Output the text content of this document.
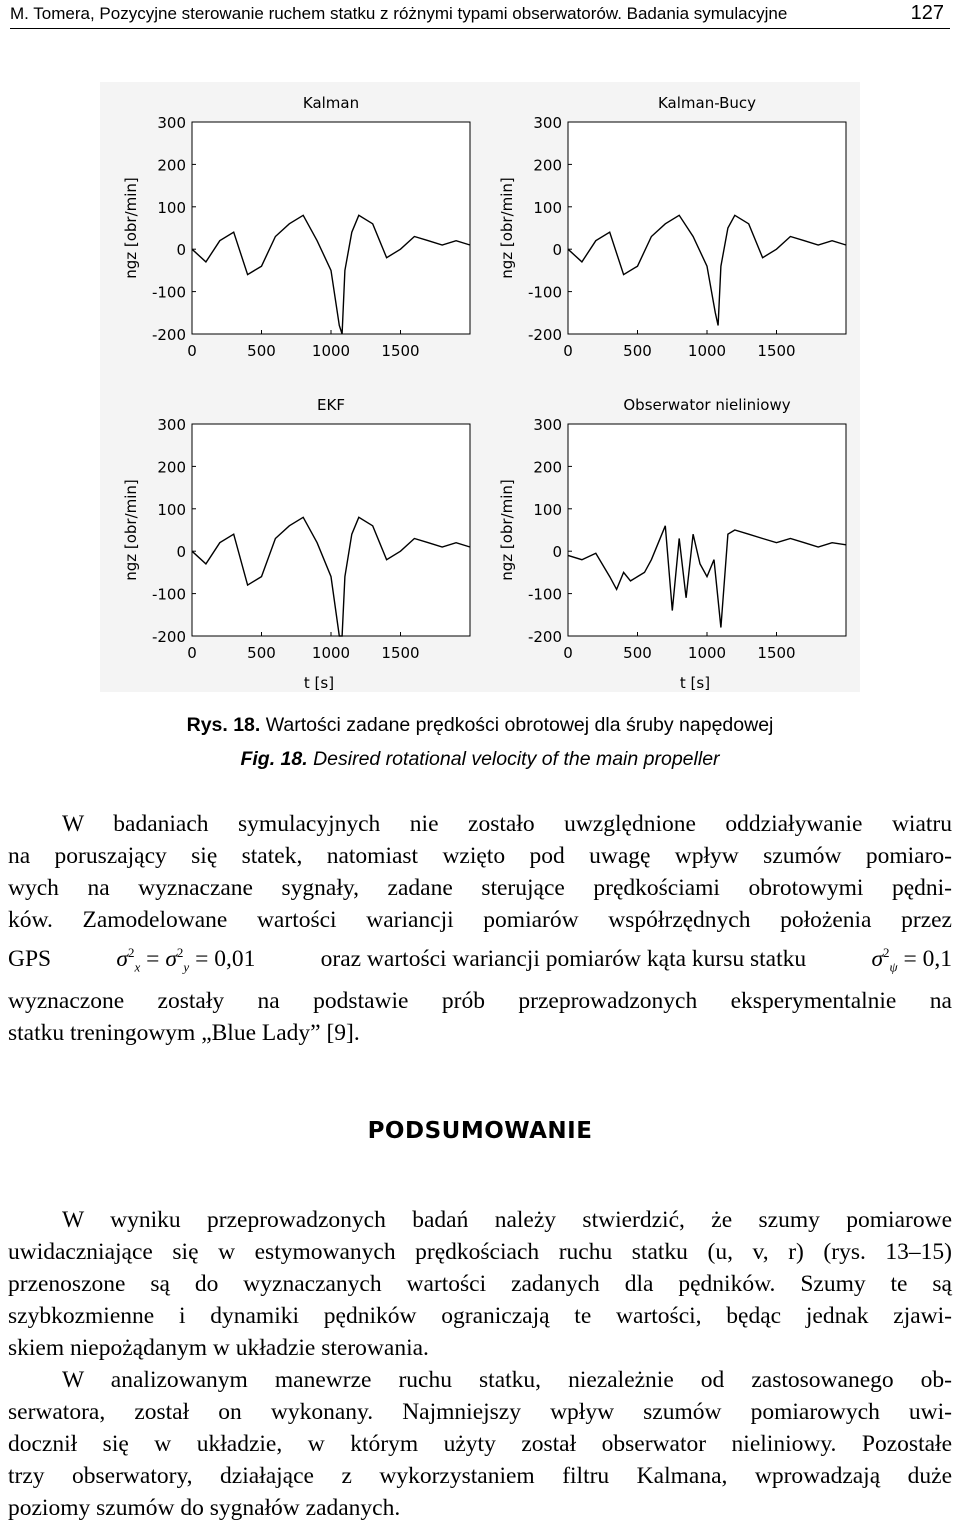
M. Tomera, Pozycyjne sterowanie ruchem statku z różnymi typami obserwatorów. Badania symulacyjne	127
Kalman
300
200
100
0
-100
-200
0	500 1000 1500
ngz [obr/min]
Kalman-Bucy
300
200
100
0
-100
-200
0	500 1000 1500
ngz [obr/min]
EKF
300
200
100
0
-100
-200
0	500 1000 1500
ngz [obr/min]
t [s]
Obserwator nieliniowy
300
200
100
0
-100
-200
0	500 1000 1500
ngz [obr/min]
t [s]
Rys. 18. Wartości zadane prędkości obrotowej dla śruby napędowej
Fig. 18. Desired rotational velocity of the main propeller

W badaniach symulacyjnych nie zostało uwzględnione oddziaływanie wiatru

na poruszający się statek, natomiast wzięto pod uwagę wpływ szumów pomiaro-

wych na wyznaczane sygnały, zadane sterujące prędkościami obrotowymi pędni-

ków. Zamodelowane wartości wariancji pomiarów współrzędnych położenia przez

GPS	$\sigma^2_x = \sigma^2_y = 0,01$	oraz wartości wariancji pomiarów kąta kursu statku	$\sigma^2_\psi = 0,1$

wyznaczone zostały na podstawie prób przeprowadzonych eksperymentalnie na

statku treningowym „Blue Lady” [9].

PODSUMOWANIE

W wyniku przeprowadzonych badań należy stwierdzić, że szumy pomiarowe

uwidaczniające się w estymowanych prędkościach ruchu statku (u, v, r) (rys. 13–15)

przenoszone są do wyznaczanych wartości zadanych dla pędników. Szumy te są

szybkozmienne i dynamiki pędników ograniczają te wartości, będąc jednak zjawi-

skiem niepożądanym w układzie sterowania.

W analizowanym manewrze ruchu statku, niezależnie od zastosowanego ob-

serwatora, został on wykonany. Najmniejszy wpływ szumów pomiarowych uwi-

docznił się w układzie, w którym użyty został obserwator nieliniowy. Pozostałe

trzy obserwatory, działające z wykorzystaniem filtru Kalmana, wprowadzają duże

poziomy szumów do sygnałów zadanych.
